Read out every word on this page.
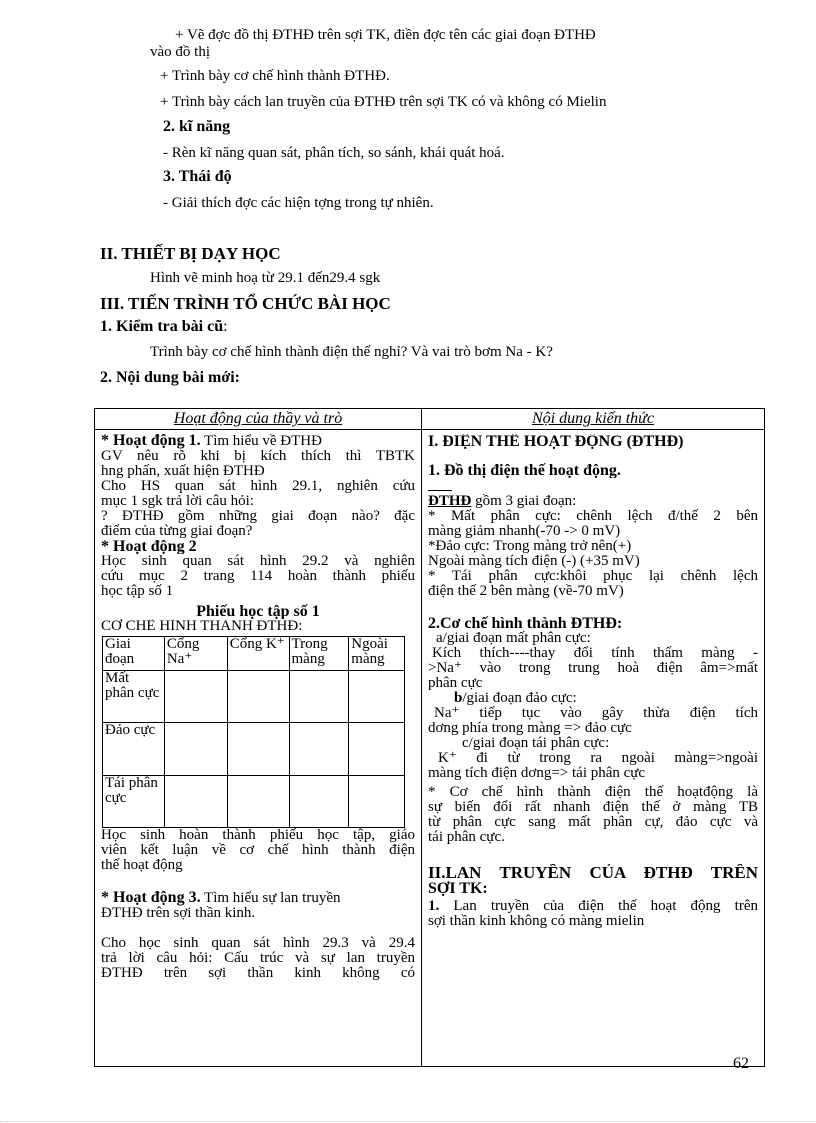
+ Vẽ đợc đồ thị ĐTHĐ trên sợi TK, điền đợc tên các giai đoạn ĐTHĐ
vào đồ thị
+ Trình bày cơ chế hình thành ĐTHĐ.
+ Trình bày cách lan truyền của ĐTHĐ trên sợi TK có và không có Mielin
2. kĩ năng
- Rèn kĩ năng quan sát, phân tích, so sánh, khái quát hoá.
3. Thái độ
- Giải thích đợc các hiện tợng trong tự nhiên.
II. THIẾT BỊ DẠY HỌC
Hình vẽ minh hoạ từ 29.1 đến29.4 sgk
III. TIẾN TRÌNH TỔ CHỨC BÀI HỌC
1. Kiểm tra bài cũ:
Trình bày cơ chế hình thành điện thế nghỉ? Và vai trò bơm Na - K?
2. Nội dung bài mới:
Hoạt động của thầy và trò	Nội dung kiến thức

* Hoạt động 1. Tìm hiểu về ĐTHĐ
GV nêu rõ khi bị kích thích thì TBTK
hng phấn, xuất hiện ĐTHĐ
Cho HS quan sát hình 29.1, nghiên cứu
mục 1 sgk trả lời câu hỏi:
? ĐTHĐ gồm những giai đoạn nào? đặc
điểm của từng giai đoạn?
* Hoạt động 2
Học sinh quan sát hình 29.2 và nghiên
cứu mục 2 trang 114 hoàn thành phiếu
học tập số 1
Phiếu học tập số 1
CƠ CHẾ HÌNH THÀNH ĐTHĐ:
Giai đoạn	Cổng Na⁺	Cổng K⁺	Trong màng	Ngoài màng
Mất phân cực				
Đảo cực				
Tái phân cực				
Học sinh hoàn thành phiếu học tập, giáo
viên kết luận về cơ chế hình thành điện
thế hoạt động
* Hoạt động 3. Tìm hiểu sự lan truyền
ĐTHĐ trên sợi thần kinh.
Cho học sinh quan sát hình 29.3 và 29.4
trả lời câu hỏi: Cấu trúc và sự lan truyền
ĐTHĐ trên sợi thần kinh không có

I. ĐIỆN THẾ HOẠT ĐỘNG (ĐTHĐ)
1. Đồ thị điện thế hoạt động.
ĐTHĐ gồm 3 giai đoạn:
* Mất phân cực: chênh lệch đ/thế 2 bên
màng giảm nhanh(-70 -> 0 mV)
*Đảo cực: Trong màng trở nên(+)
Ngoài màng tích điện (-) (+35 mV)
* Tái phân cực:khôi phục lại chênh lệch
điện thế 2 bên màng (về-70 mV)
2.Cơ chế hình thành ĐTHĐ:
a/giai đoạn mất phân cực:
Kích thích----thay đổi tính thấm màng -
>Na⁺ vào trong trung hoà điện âm=>mất
phân cực
b/giai đoạn đảo cực:
Na⁺ tiếp tục vào gây thừa điện tích
dơng phía trong màng => đảo cực
c/giai đoạn tái phân cực:
K⁺ đi từ trong ra ngoài màng=>ngoài
màng tích điện dơng=> tái phân cực
* Cơ chế hình thành điện thế hoạtđộng là
sự biến đổi rất nhanh điện thế ở màng TB
từ phân cực sang mất phân cự, đảo cực và
tái phân cực.
II.LAN TRUYỀN CỦA ĐTHĐ TRÊN
SỢI TK:
1. Lan truyền của điện thế hoạt động trên
sợi thần kinh không có màng mielin
62
